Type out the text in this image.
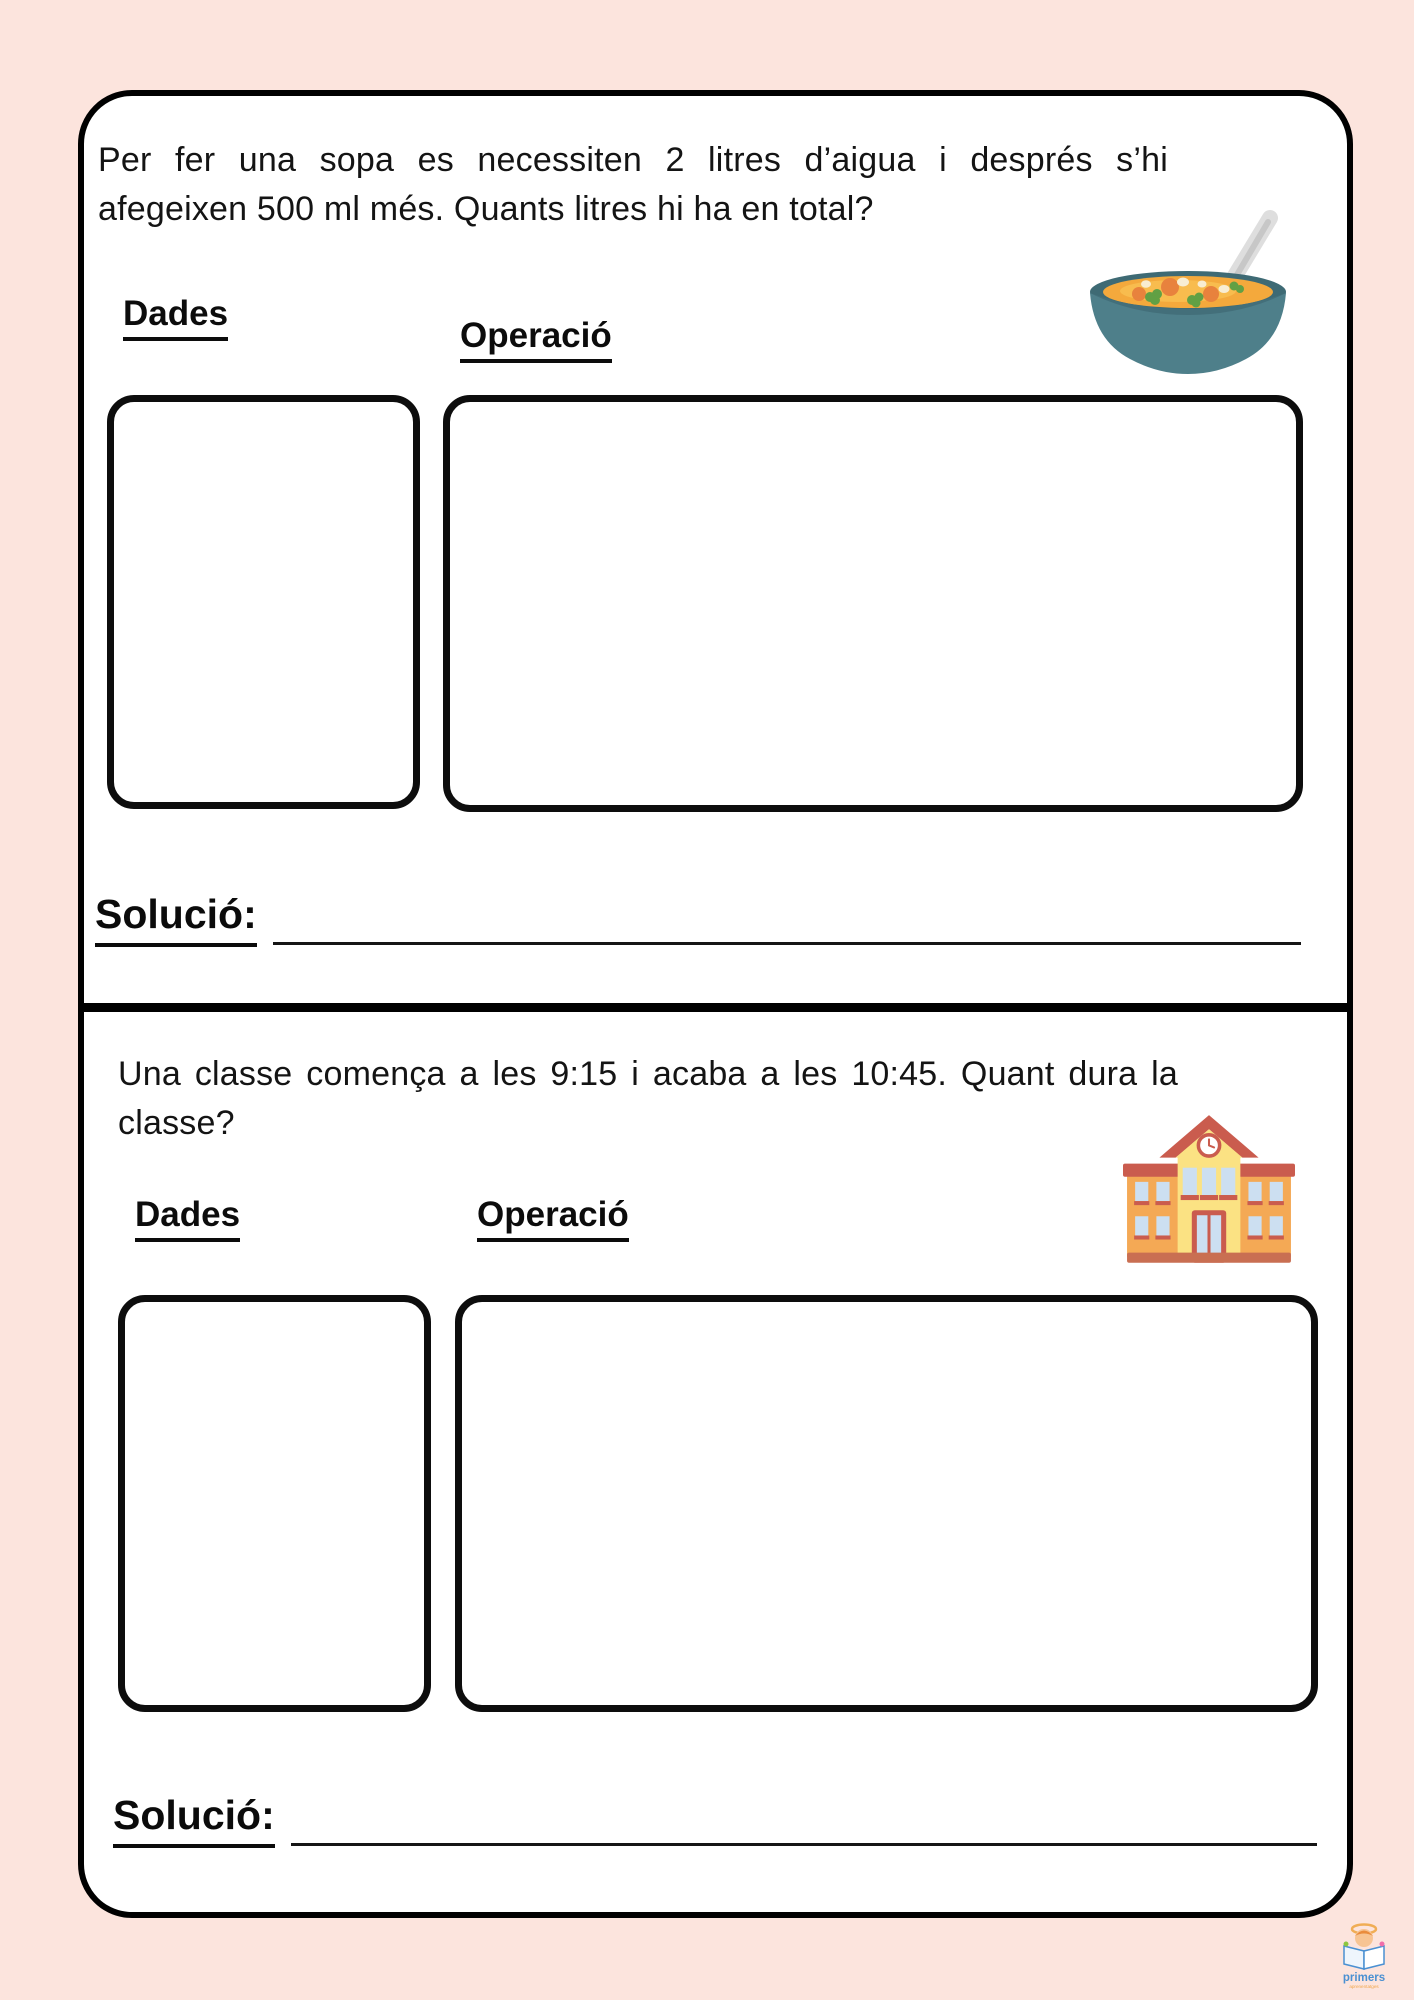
Per fer una sopa es necessiten 2 litres d’aigua i després s’hi afegeixen 500 ml més. Quants litres hi ha en total?

Dades
Operació
Solució:

Una classe comença a les 9:15 i acaba a les 10:45. Quant dura la classe?

Dades	Operació
Solució:
primers
aprenentatges
